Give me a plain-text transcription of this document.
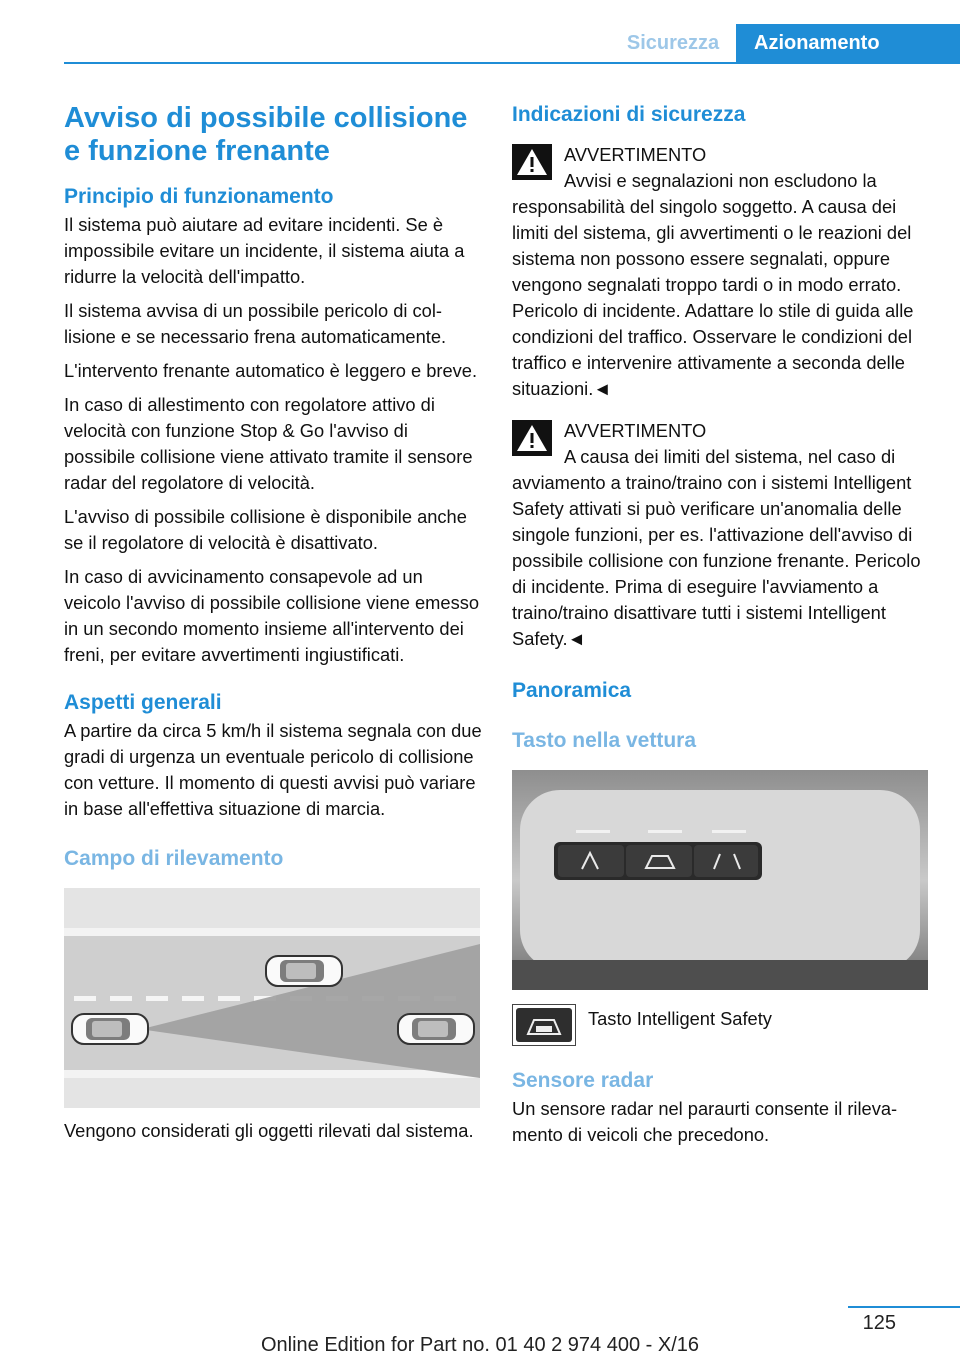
Sicurezza	Azionamento
Avviso di possibile collisione e funzione frenante
Principio di funzionamento

Il sistema può aiutare ad evitare incidenti. Se è impossibile evitare un incidente, il sistema aiuta a ridurre la velocità dell'impatto.

Il sistema avvisa di un possibile pericolo di collisione e se necessario frena automaticamente.

L'intervento frenante automatico è leggero e breve.

In caso di allestimento con regolatore attivo di velocità con funzione Stop & Go l'avviso di possibile collisione viene attivato tramite il sensore radar del regolatore di velocità.

L'avviso di possibile collisione è disponibile anche se il regolatore di velocità è disattivato.

In caso di avvicinamento consapevole ad un veicolo l'avviso di possibile collisione viene emesso in un secondo momento insieme all'intervento dei freni, per evitare avvertimenti ingiustificati.

Aspetti generali

A partire da circa 5 km/h il sistema segnala con due gradi di urgenza un eventuale pericolo di collisione con vetture. Il momento di questi avvisi può variare in base all'effettiva situazione di marcia.

Campo di rilevamento

Vengono considerati gli oggetti rilevati dal sistema.

Indicazioni di sicurezza

AVVERTIMENTO

Avvisi e segnalazioni non escludono la responsabilità del singolo soggetto. A causa dei limiti del sistema, gli avvertimenti o le reazioni del sistema non possono essere segnalati, oppure vengono segnalati troppo tardi o in modo errato. Pericolo di incidente. Adattare lo stile di guida alle condizioni del traffico. Osservare le condizioni del traffico e intervenire attivamente a seconda delle situazioni.◄

AVVERTIMENTO

A causa dei limiti del sistema, nel caso di avviamento a traino/traino con i sistemi Intelligent Safety attivati si può verificare un'anomalia delle singole funzioni, per es. l'attivazione dell'avviso di possibile collisione con funzione frenante. Pericolo di incidente. Prima di eseguire l'avviamento a traino/traino disattivare tutti i sistemi Intelligent Safety.◄

Panoramica
Tasto nella vettura

Tasto Intelligent Safety

Sensore radar

Un sensore radar nel paraurti consente il rilevamento di veicoli che precedono.

125
Online Edition for Part no. 01 40 2 974 400 - X/16
